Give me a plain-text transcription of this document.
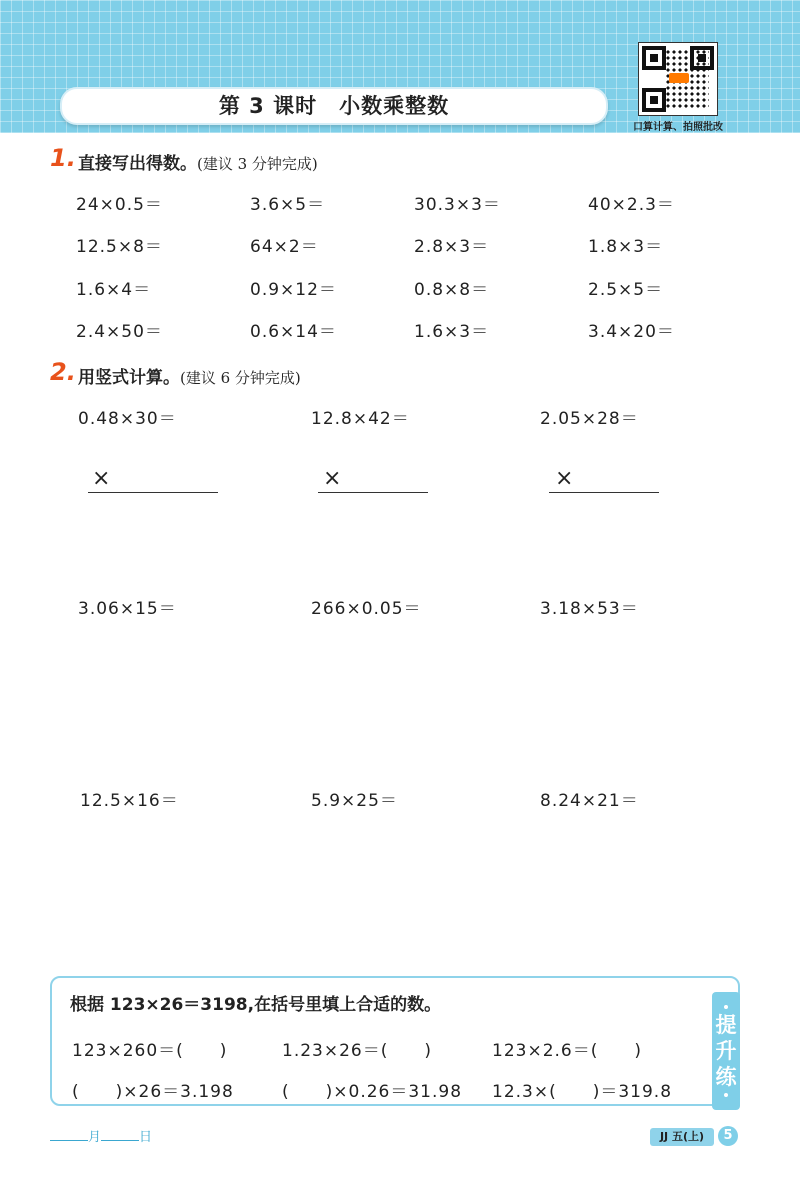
第 3 课时　小数乘整数
口算计算、拍照批改
1. 直接写出得数。(建议 3 分钟完成)
24×0.5＝	3.6×5＝	30.3×3＝	40×2.3＝
12.5×8＝	64×2＝	2.8×3＝	1.8×3＝
1.6×4＝	0.9×12＝	0.8×8＝	2.5×5＝
2.4×50＝	0.6×14＝	1.6×3＝	3.4×20＝
2. 用竖式计算。(建议 6 分钟完成)
0.48×30＝	12.8×42＝	2.05×28＝
×	×	×
3.06×15＝	266×0.05＝	3.18×53＝
12.5×16＝	5.9×25＝	8.24×21＝
根据 123×26＝3198,在括号里填上合适的数。
123×260＝(　　)	1.23×26＝(　　)	123×2.6＝(　　)
(　　)×26＝3.198	(　　)×0.26＝31.98 12.3×(　　)＝319.8
提
升
练
月	日	JJ 五(上)	5
